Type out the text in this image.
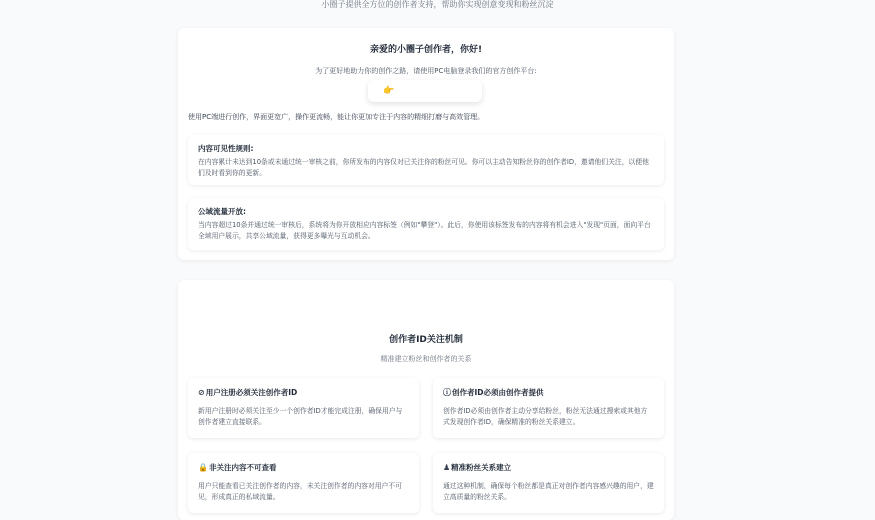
小圈子提供全方位的创作者支持，帮助你实现创意变现和粉丝沉淀
亲爱的小圈子创作者，你好!
为了更好地助力你的创作之路，请使用PC电脑登录我们的官方创作平台:
👉
使用PC端进行创作，界面更宽广，操作更流畅，能让你更加专注于内容的精细打磨与高效管理。
内容可见性规则:
在内容累计未达到10条或未通过统一审核之前，你所发布的内容仅对已关注你的粉丝可见。你可以主动告知粉丝你的创作者ID，邀请他们关注，以便他们及时看到你的更新。
公域流量开放:
当内容超过10条并通过统一审核后，系统将为你开放相应内容标签（例如"攀登"）。此后，你使用该标签发布的内容将有机会进入"发现"页面，面向平台全域用户展示，共享公域流量，获得更多曝光与互动机会。
创作者ID关注机制
精准建立粉丝和创作者的关系
⊘ 用户注册必须关注创作者ID
新用户注册时必须关注至少一个创作者ID才能完成注册，确保用户与创作者建立直接联系。
ⓘ 创作者ID必须由创作者提供
创作者ID必须由创作者主动分享给粉丝，粉丝无法通过搜索或其他方式发现创作者ID，确保精准的粉丝关系建立。
🔒 非关注内容不可查看
用户只能查看已关注创作者的内容，未关注创作者的内容对用户不可见，形成真正的私域流量。
♟ 精准粉丝关系建立
通过这种机制，确保每个粉丝都是真正对创作者内容感兴趣的用户，建立高质量的粉丝关系。
